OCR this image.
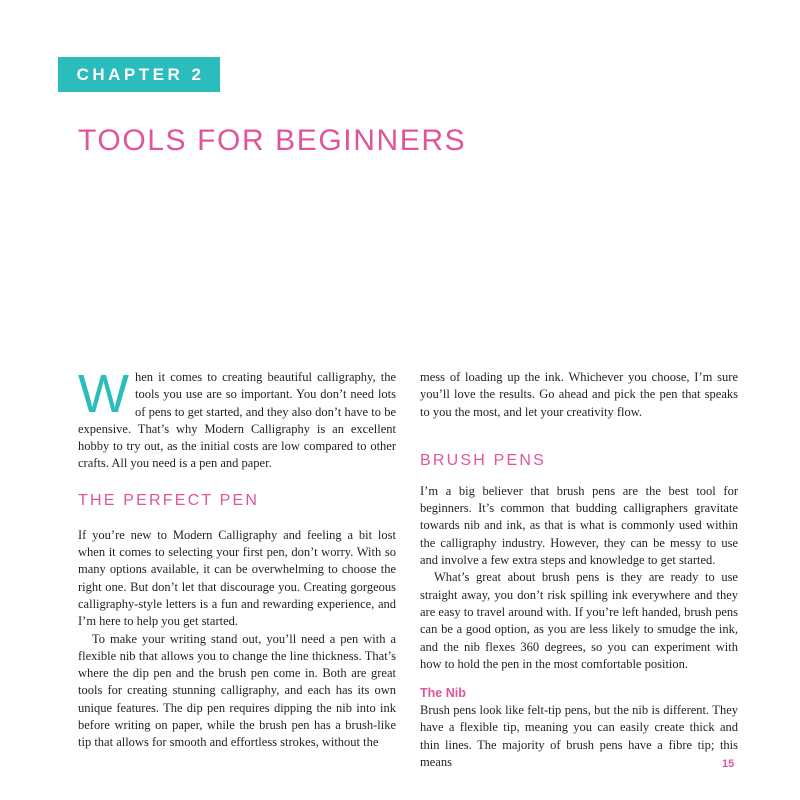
CHAPTER 2
TOOLS FOR BEGINNERS

When it comes to creating beautiful calligraphy, the tools you use are so important. You don’t need lots of pens to get started, and they also don’t have to be expensive. That’s why Modern Calligraphy is an excellent hobby to try out, as the initial costs are low compared to other crafts. All you need is a pen and paper.

THE PERFECT PEN

If you’re new to Modern Calligraphy and feeling a bit lost when it comes to selecting your first pen, don’t worry. With so many options available, it can be overwhelming to choose the right one. But don’t let that discourage you. Creating gorgeous calligraphy-style letters is a fun and rewarding experience, and I’m here to help you get started.

To make your writing stand out, you’ll need a pen with a flexible nib that allows you to change the line thickness. That’s where the dip pen and the brush pen come in. Both are great tools for creating stunning calligraphy, and each has its own unique features. The dip pen requires dipping the nib into ink before writing on paper, while the brush pen has a brush-like tip that allows for smooth and effortless strokes, without the

mess of loading up the ink. Whichever you choose, I’m sure you’ll love the results. Go ahead and pick the pen that speaks to you the most, and let your creativity flow.

BRUSH PENS

I’m a big believer that brush pens are the best tool for beginners. It’s common that budding calligraphers gravitate towards nib and ink, as that is what is commonly used within the calligraphy industry. However, they can be messy to use and involve a few extra steps and knowledge to get started.

What’s great about brush pens is they are ready to use straight away, you don’t risk spilling ink everywhere and they are easy to travel around with. If you’re left handed, brush pens can be a good option, as you are less likely to smudge the ink, and the nib flexes 360 degrees, so you can experiment with how to hold the pen in the most comfortable position.

The Nib

Brush pens look like felt-tip pens, but the nib is different. They have a flexible tip, meaning you can easily create thick and thin lines. The majority of brush pens have a fibre tip; this means	15
